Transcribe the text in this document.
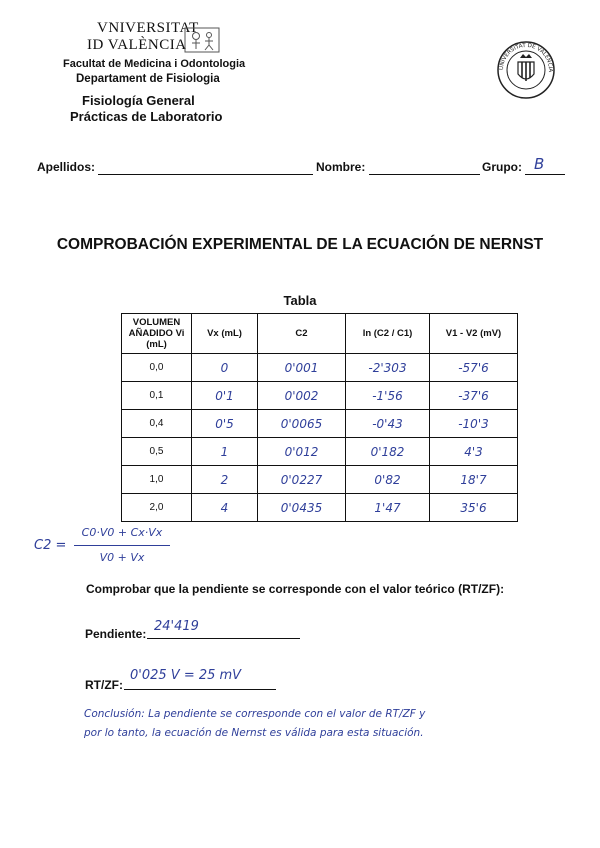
VNIVERSITAT
ID VALÈNCIA
Facultat de Medicina i Odontologia
Departament de Fisiologia
Fisiología General
Prácticas de Laboratorio
UNIVERSITAT DE VALÈNCIA
Apellidos:	Nombre:	Grupo: B
COMPROBACIÓN EXPERIMENTAL DE LA ECUACIÓN DE NERNST
Tabla
VOLUMEN AÑADIDO Vi (mL)	Vx (mL)	C2	ln (C2 / C1)	V1 - V2 (mV)
0,0	0	0'001	-2'303	-57'6
0,1	0'1	0'002	-1'56	-37'6
0,4	0'5	0'0065	-0'43	-10'3
0,5	1	0'012	0'182	4'3
1,0	2	0'0227	0'82	18'7
2,0	4	0'0435	1'47	35'6
C2 =
C0·V0 + Cx·Vx
V0 + Vx
Comprobar que la pendiente se corresponde con el valor teórico (RT/ZF):
Pendiente: 24'419
RT/ZF:
0'025 V = 25 mV
Conclusión: La pendiente se corresponde con el valor de RT/ZF y
por lo tanto, la ecuación de Nernst es válida para esta situación.
